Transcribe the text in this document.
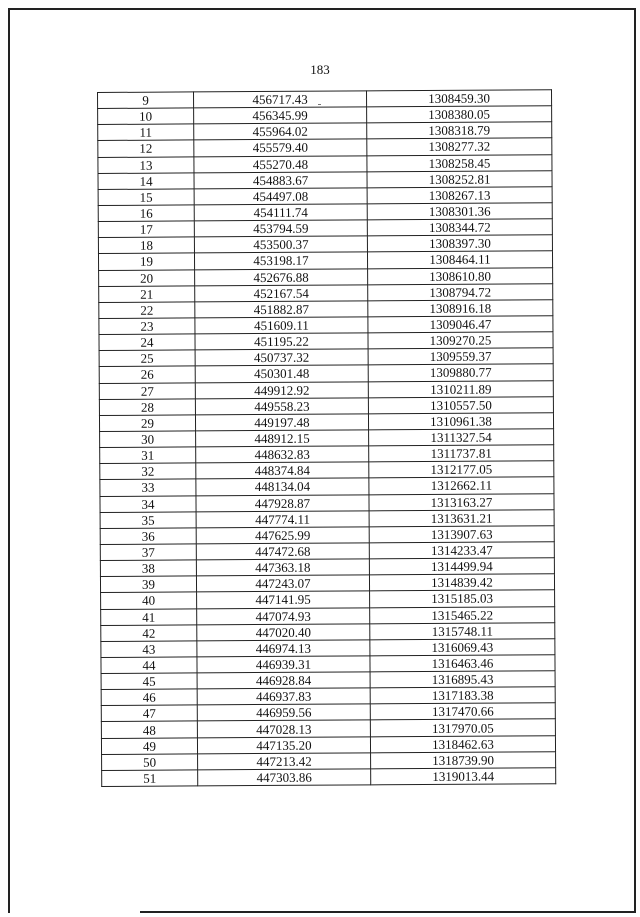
183
9	456717.43	1308459.30
10	456345.99	1308380.05
11	455964.02	1308318.79
12	455579.40	1308277.32
13	455270.48	1308258.45
14	454883.67	1308252.81
15	454497.08	1308267.13
16	454111.74	1308301.36
17	453794.59	1308344.72
18	453500.37	1308397.30
19	453198.17	1308464.11
20	452676.88	1308610.80
21	452167.54	1308794.72
22	451882.87	1308916.18
23	451609.11	1309046.47
24	451195.22	1309270.25
25	450737.32	1309559.37
26	450301.48	1309880.77
27	449912.92	1310211.89
28	449558.23	1310557.50
29	449197.48	1310961.38
30	448912.15	1311327.54
31	448632.83	1311737.81
32	448374.84	1312177.05
33	448134.04	1312662.11
34	447928.87	1313163.27
35	447774.11	1313631.21
36	447625.99	1313907.63
37	447472.68	1314233.47
38	447363.18	1314499.94
39	447243.07	1314839.42
40	447141.95	1315185.03
41	447074.93	1315465.22
42	447020.40	1315748.11
43	446974.13	1316069.43
44	446939.31	1316463.46
45	446928.84	1316895.43
46	446937.83	1317183.38
47	446959.56	1317470.66
48	447028.13	1317970.05
49	447135.20	1318462.63
50	447213.42	1318739.90
51	447303.86	1319013.44
